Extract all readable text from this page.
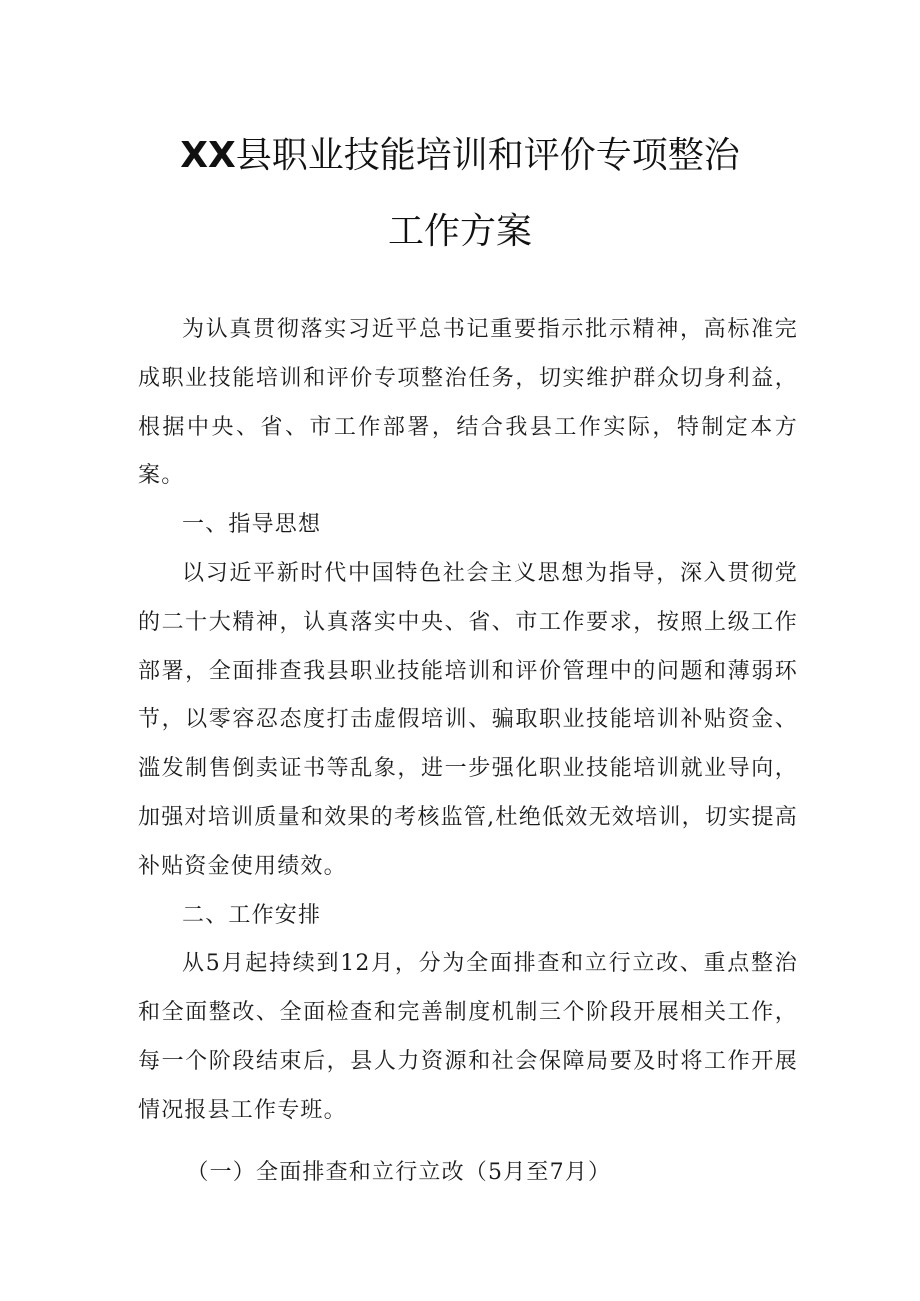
XX县职业技能培训和评价专项整治
工作方案

为认真贯彻落实习近平总书记重要指示批示精神，高标准完成职业技能培训和评价专项整治任务，切实维护群众切身利益，根据中央、省、市工作部署，结合我县工作实际，特制定本方案。

一、指导思想

以习近平新时代中国特色社会主义思想为指导，深入贯彻党的二十大精神，认真落实中央、省、市工作要求，按照上级工作部署，全面排查我县职业技能培训和评价管理中的问题和薄弱环节，以零容忍态度打击虚假培训、骗取职业技能培训补贴资金、滥发制售倒卖证书等乱象，进一步强化职业技能培训就业导向，加强对培训质量和效果的考核监管,杜绝低效无效培训，切实提高补贴资金使用绩效。

二、工作安排

从5月起持续到12月，分为全面排查和立行立改、重点整治和全面整改、全面检查和完善制度机制三个阶段开展相关工作，每一个阶段结束后，县人力资源和社会保障局要及时将工作开展情况报县工作专班。

（一）全面排查和立行立改（5月至7月）
